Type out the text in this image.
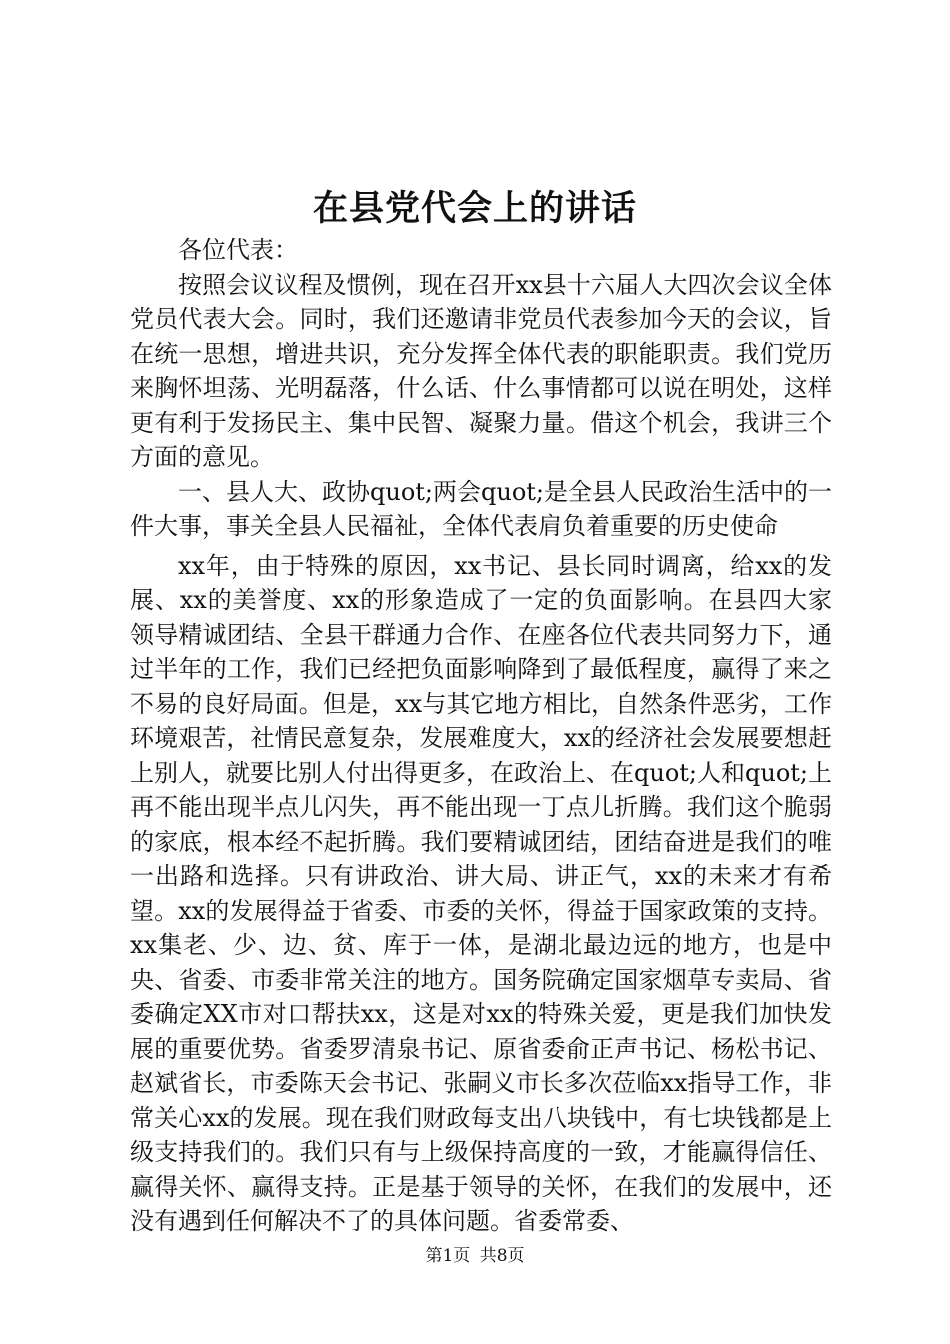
在县党代会上的讲话

各位代表：

按照会议议程及惯例，现在召开xx县十六届人大四次会议全体党员代表大会。同时，我们还邀请非党员代表参加今天的会议，旨在统一思想，增进共识，充分发挥全体代表的职能职责。我们党历来胸怀坦荡、光明磊落，什么话、什么事情都可以说在明处，这样更有利于发扬民主、集中民智、凝聚力量。借这个机会，我讲三个方面的意见。

一、县人大、政协quot;两会quot;是全县人民政治生活中的一件大事，事关全县人民福祉，全体代表肩负着重要的历史使命

xx年，由于特殊的原因，xx书记、县长同时调离，给xx的发展、xx的美誉度、xx的形象造成了一定的负面影响。在县四大家领导精诚团结、全县干群通力合作、在座各位代表共同努力下，通过半年的工作，我们已经把负面影响降到了最低程度，赢得了来之不易的良好局面。但是，xx与其它地方相比，自然条件恶劣，工作环境艰苦，社情民意复杂，发展难度大，xx的经济社会发展要想赶上别人，就要比别人付出得更多，在政治上、在quot;人和quot;上再不能出现半点儿闪失，再不能出现一丁点儿折腾。我们这个脆弱的家底，根本经不起折腾。我们要精诚团结，团结奋进是我们的唯一出路和选择。只有讲政治、讲大局、讲正气，xx的未来才有希望。xx的发展得益于省委、市委的关怀，得益于国家政策的支持。xx集老、少、边、贫、库于一体，是湖北最边远的地方，也是中央、省委、市委非常关注的地方。国务院确定国家烟草专卖局、省委确定XX市对口帮扶xx，这是对xx的特殊关爱，更是我们加快发展的重要优势。省委罗清泉书记、原省委俞正声书记、杨松书记、赵斌省长，市委陈天会书记、张嗣义市长多次莅临xx指导工作，非常关心xx的发展。现在我们财政每支出八块钱中，有七块钱都是上级支持我们的。我们只有与上级保持高度的一致，才能赢得信任、赢得关怀、赢得支持。正是基于领导的关怀，在我们的发展中，还没有遇到任何解决不了的具体问题。省委常委、

第1页 共8页
